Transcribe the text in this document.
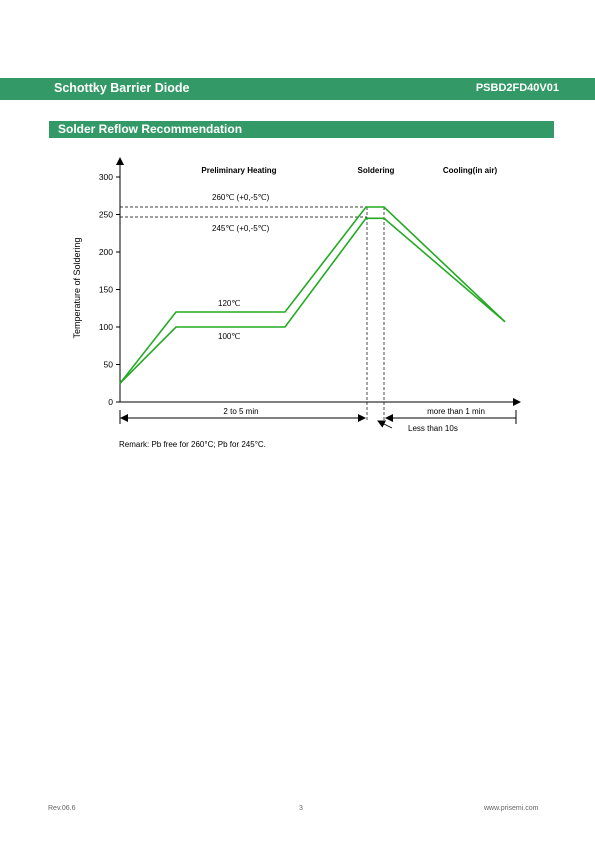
Schottky Barrier Diode	PSBD2FD40V01
Solder Reflow Recommendation
Temperature of Soldering
0
50
100
150
200
250
300
Preliminary Heating	Soldering	Cooling(in air)
260℃ (+0,-5℃)
245℃ (+0,-5℃)
120℃
100℃
2 to 5 min	more than 1 min
Less than 10s
Remark: Pb free for 260°C; Pb for 245°C.
Rev.06.6	3	www.prisemi.com
